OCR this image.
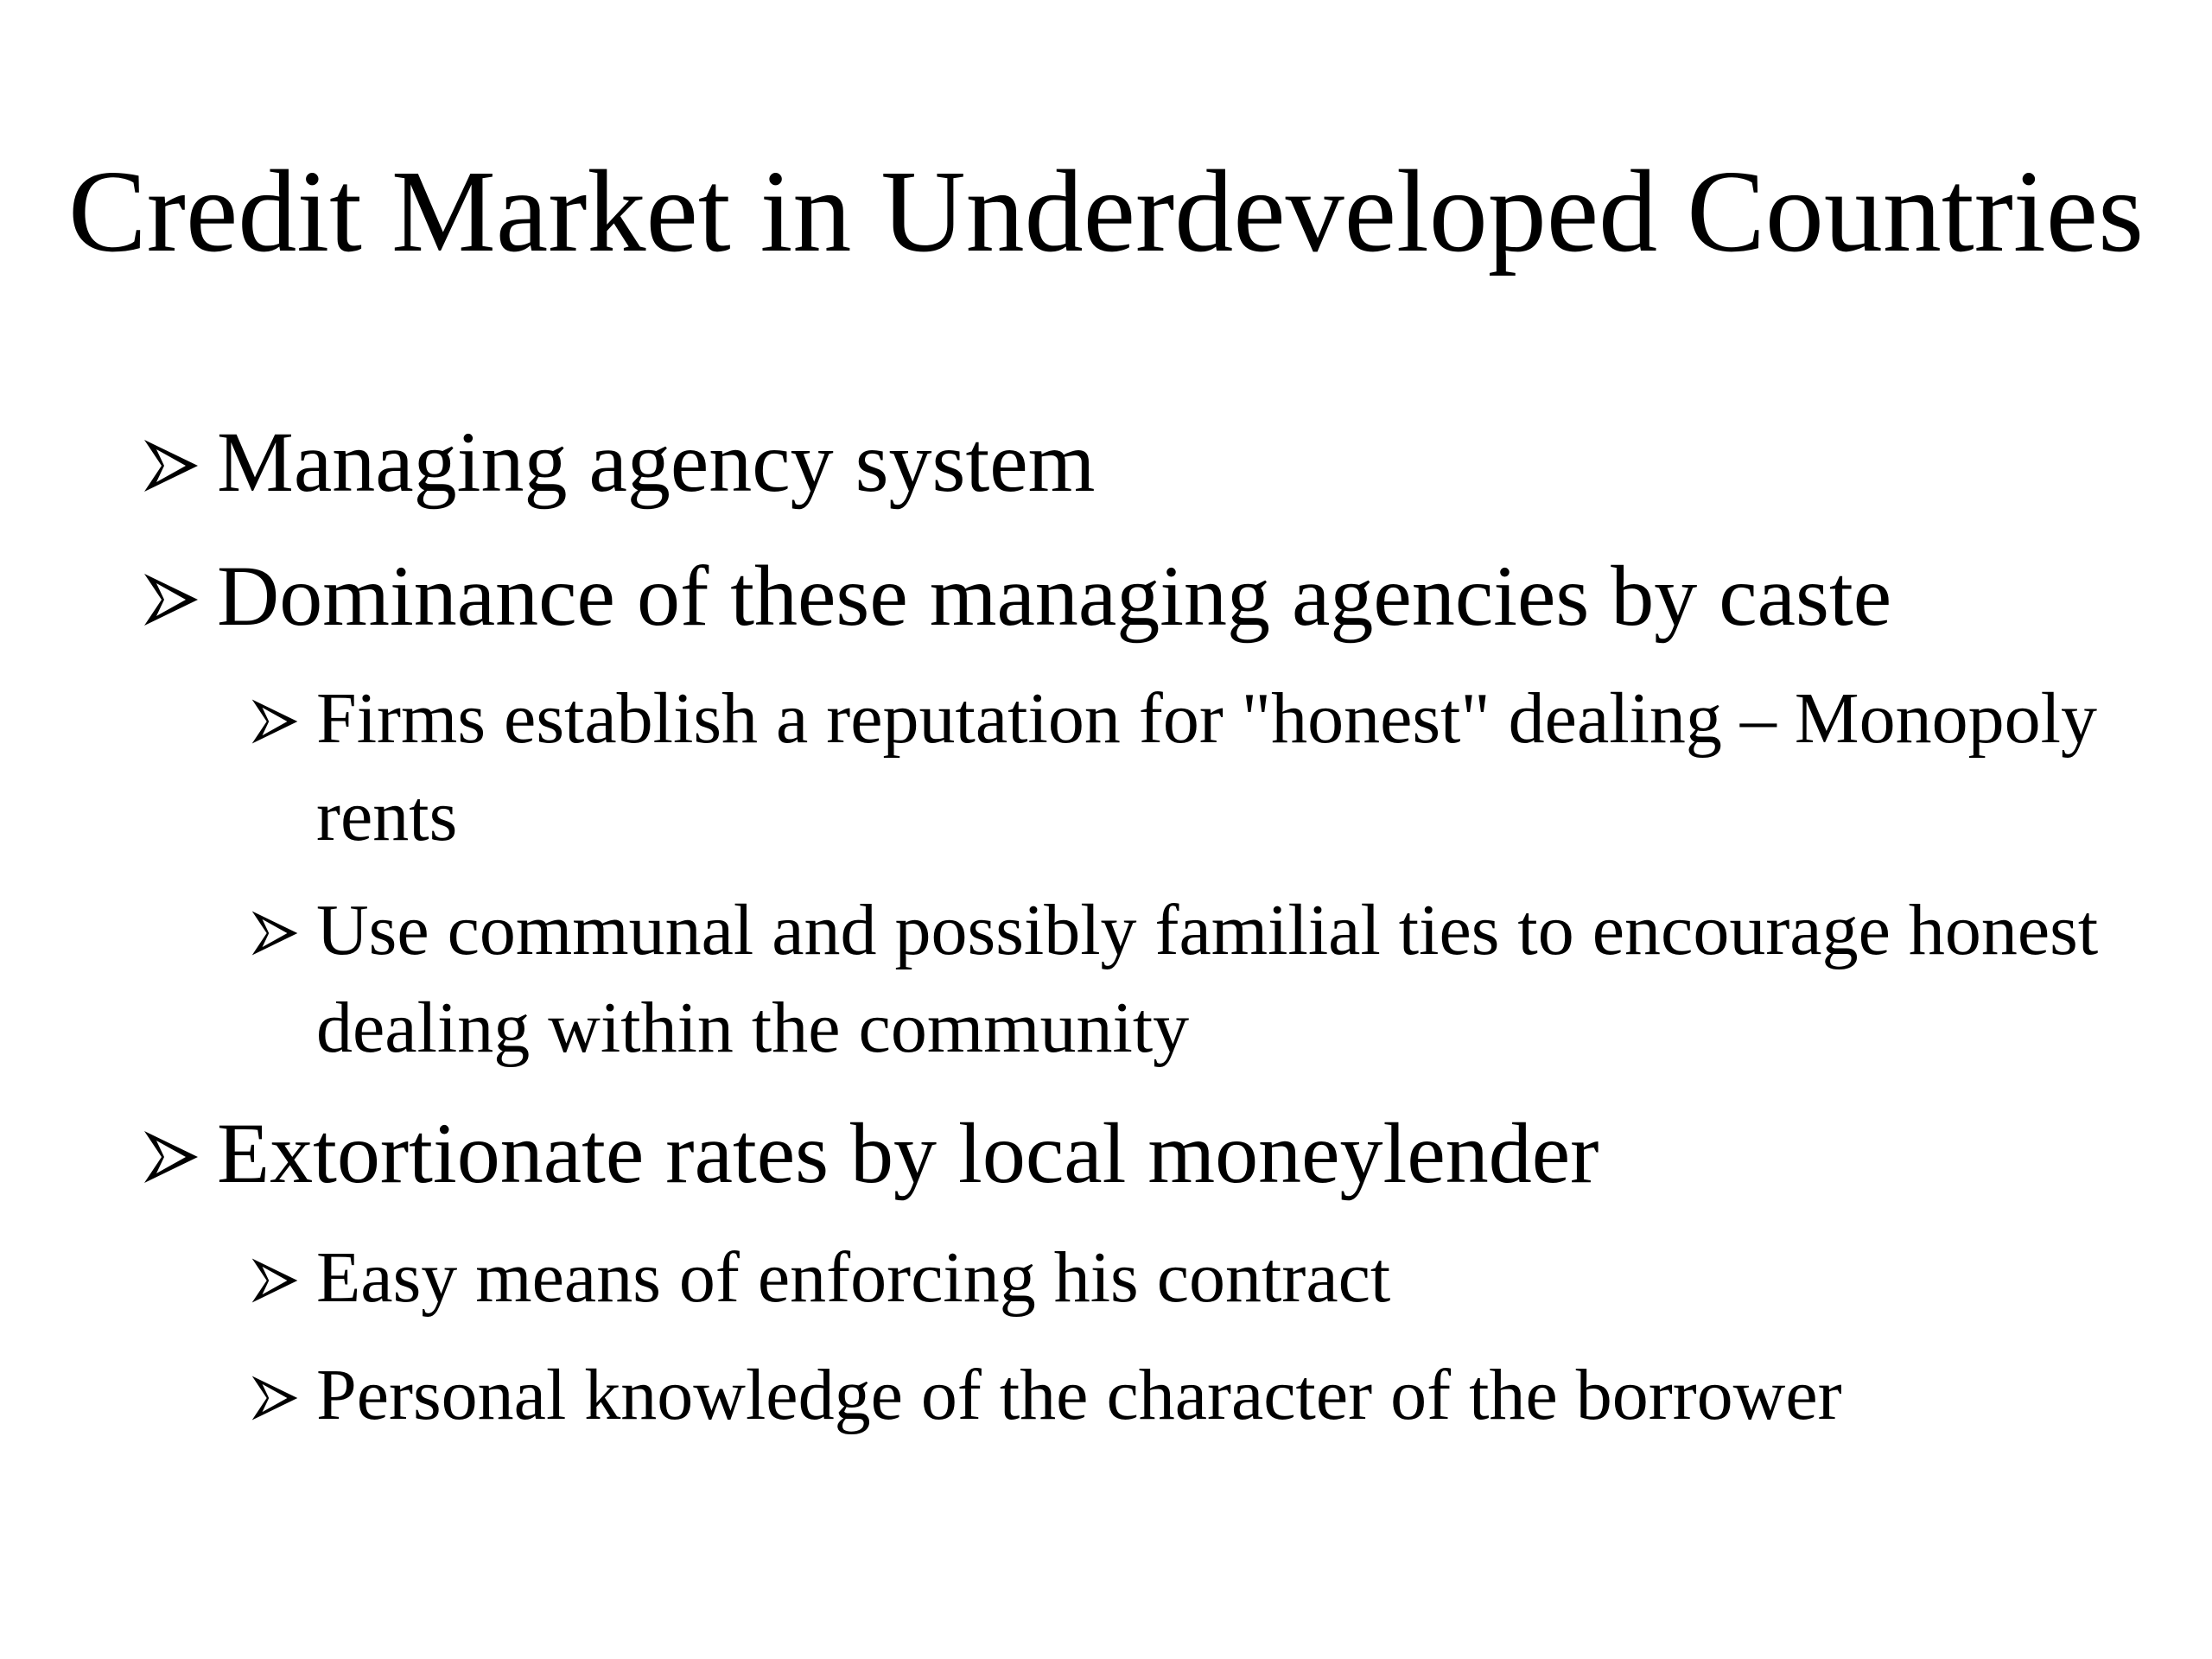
Credit Market in Underdeveloped Countries
Managing agency system
Dominance of these managing agencies by caste
Firms establish a reputation for "honest" dealing – Monopoly rents
Use communal and possibly familial ties to encourage honest dealing within the community
Extortionate rates by local moneylender
Easy means of enforcing his contract
Personal knowledge of the character of the borrower
